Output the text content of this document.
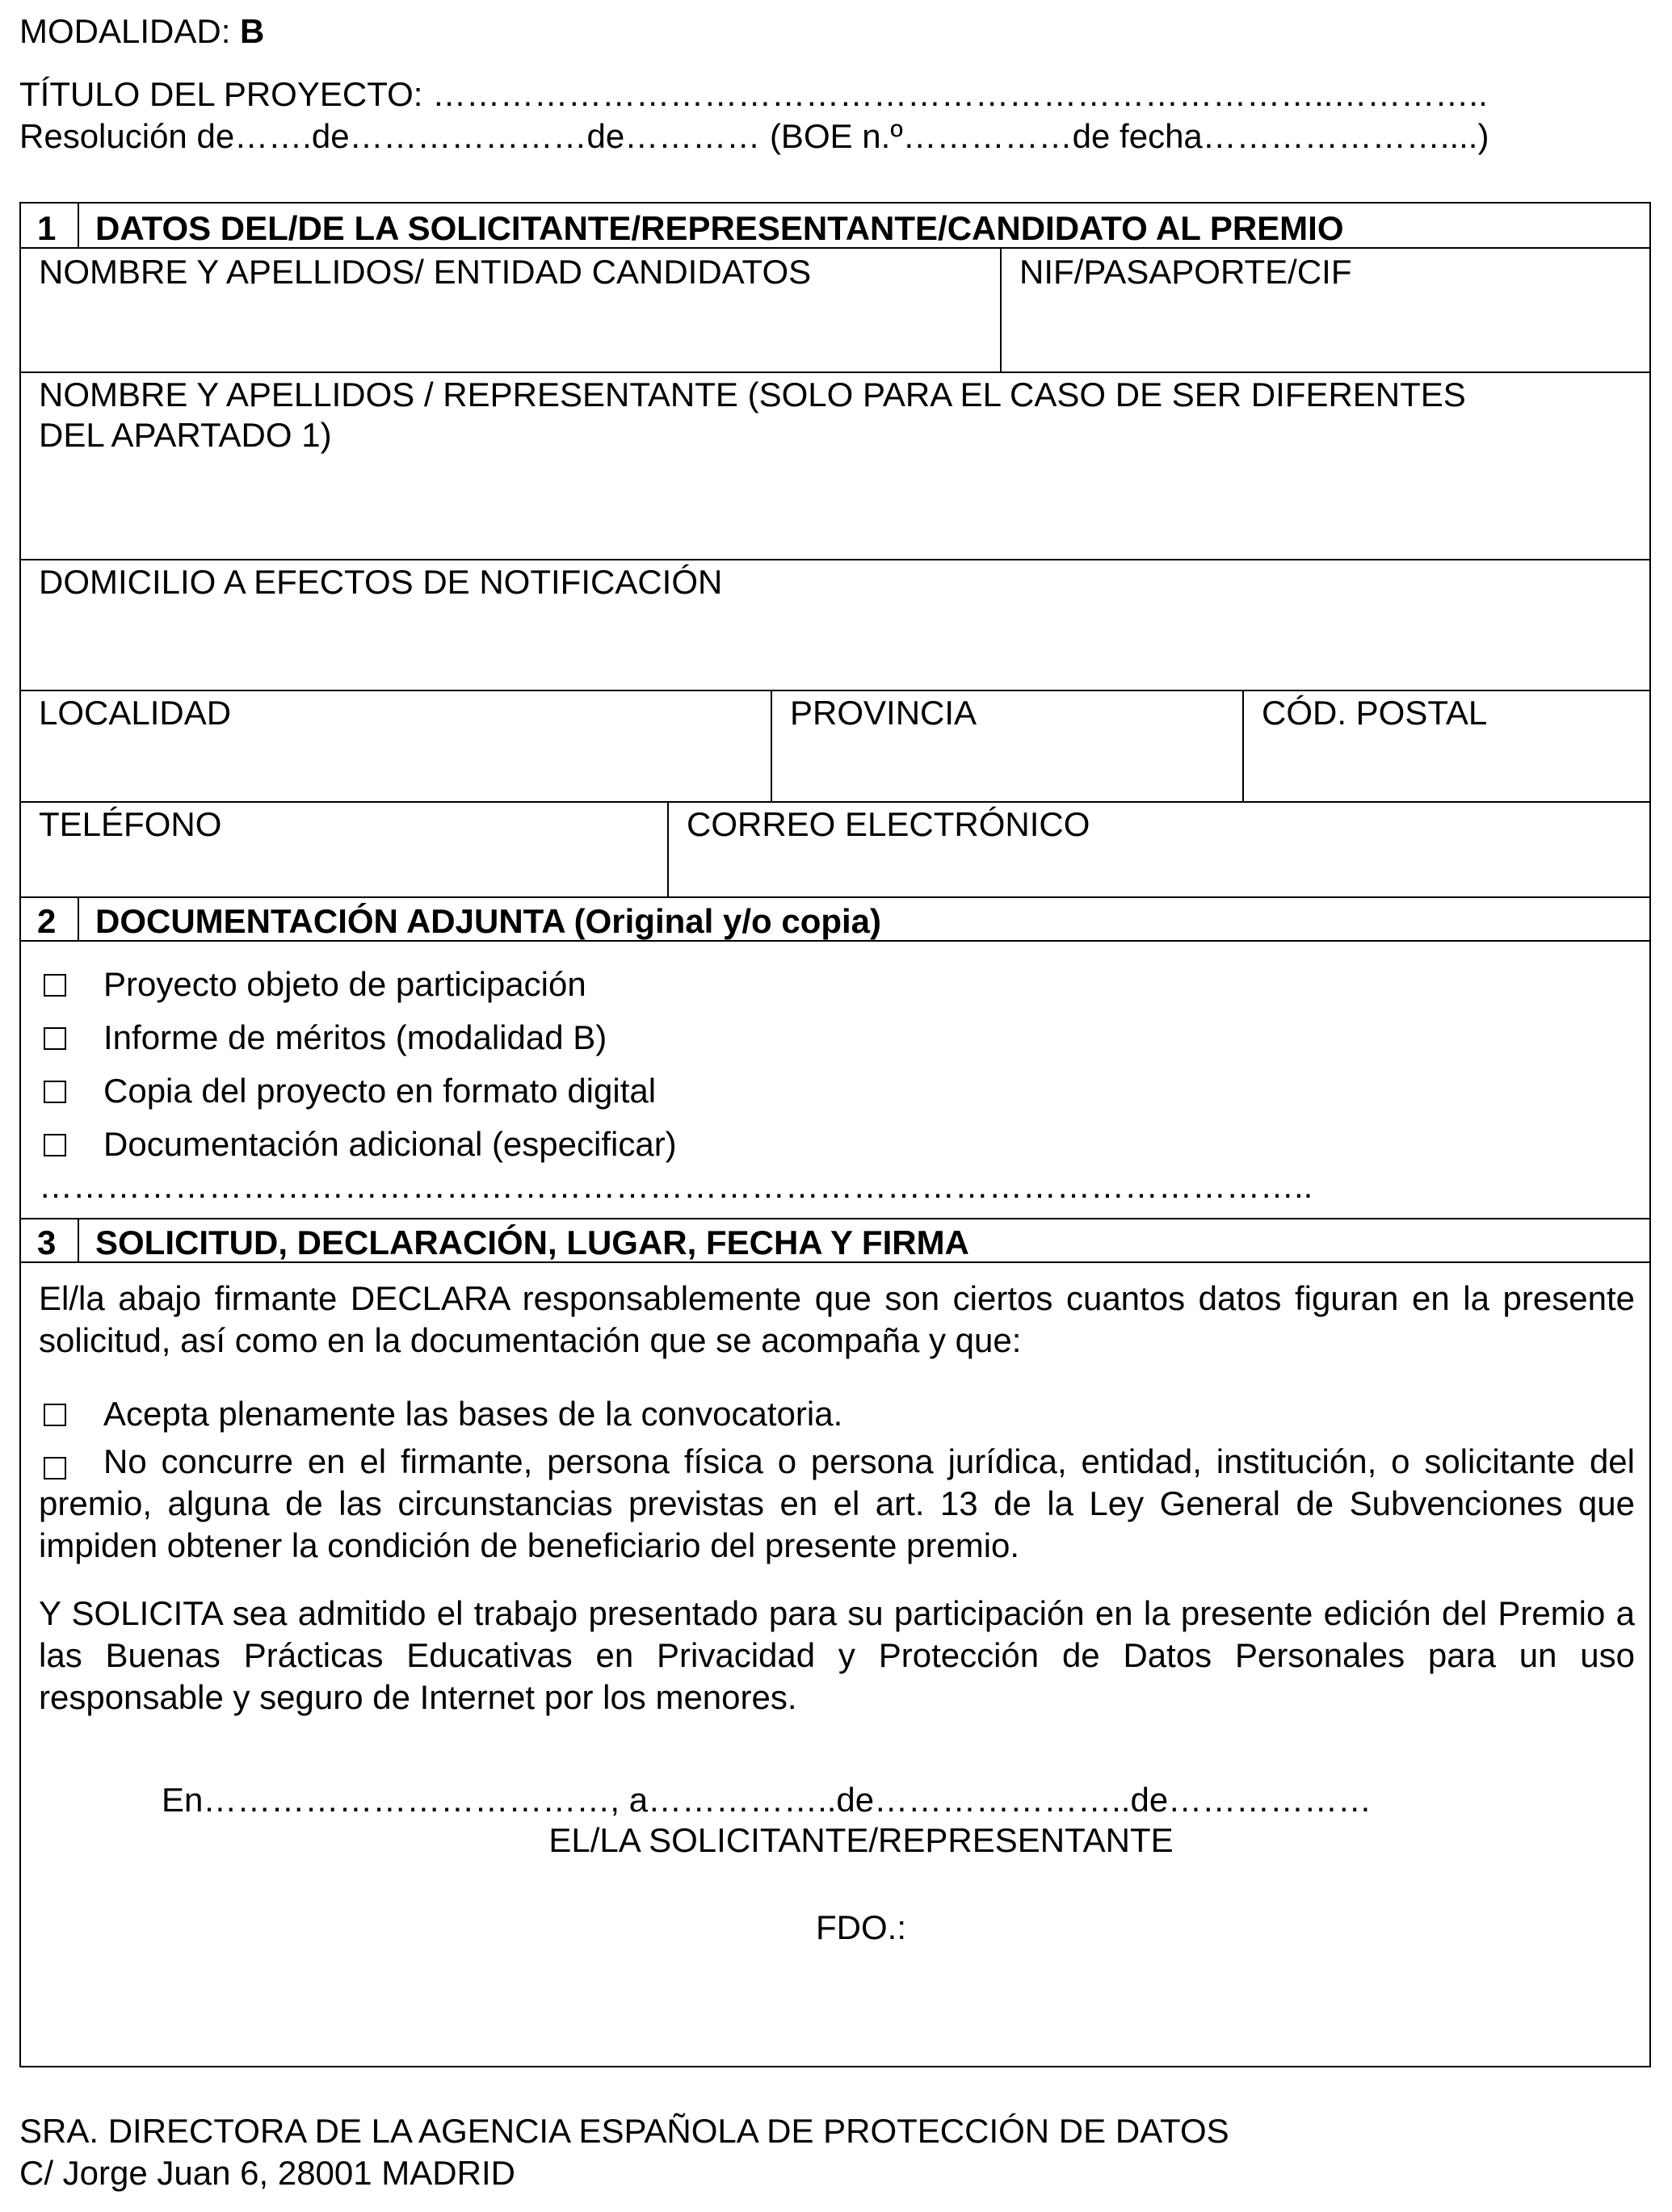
MODALIDAD: B
TÍTULO DEL PROYECTO: ……………………………………………………………………..…………..
Resolución de…….de…………………de………… (BOE n.º……………de fecha…………………....)
1 DATOS DEL/DE LA SOLICITANTE/REPRESENTANTE/CANDIDATO AL PREMIO
NOMBRE Y APELLIDOS/ ENTIDAD CANDIDATOS	NIF/PASAPORTE/CIF
NOMBRE Y APELLIDOS / REPRESENTANTE (SOLO PARA EL CASO DE SER DIFERENTES
DEL APARTADO 1)
DOMICILIO A EFECTOS DE NOTIFICACIÓN
LOCALIDAD	PROVINCIA	CÓD. POSTAL
TELÉFONO	CORREO ELECTRÓNICO
2 DOCUMENTACIÓN ADJUNTA (Original y/o copia)
Proyecto objeto de participación
Informe de méritos (modalidad B)
Copia del proyecto en formato digital
Documentación adicional (especificar)
…………………………………………………………………………………………………..
3 SOLICITUD, DECLARACIÓN, LUGAR, FECHA Y FIRMA
El/la abajo firmante DECLARA responsablemente que son ciertos cuantos datos figuran en la presente solicitud, así como en la documentación que se acompaña y que:
Acepta plenamente las bases de la convocatoria.
No concurre en el firmante, persona física o persona jurídica, entidad, institución, o solicitante del premio, alguna de las circunstancias previstas en el art. 13 de la Ley General de Subvenciones que impiden obtener la condición de beneficiario del presente premio.
Y SOLICITA sea admitido el trabajo presentado para su participación en la presente edición del Premio a las Buenas Prácticas Educativas en Privacidad y Protección de Datos Personales para un uso responsable y seguro de Internet por los menores.
En………………………………, a……………..de…………………..de………………
EL/LA SOLICITANTE/REPRESENTANTE
FDO.:
SRA. DIRECTORA DE LA AGENCIA ESPAÑOLA DE PROTECCIÓN DE DATOS
C/ Jorge Juan 6, 28001 MADRID
